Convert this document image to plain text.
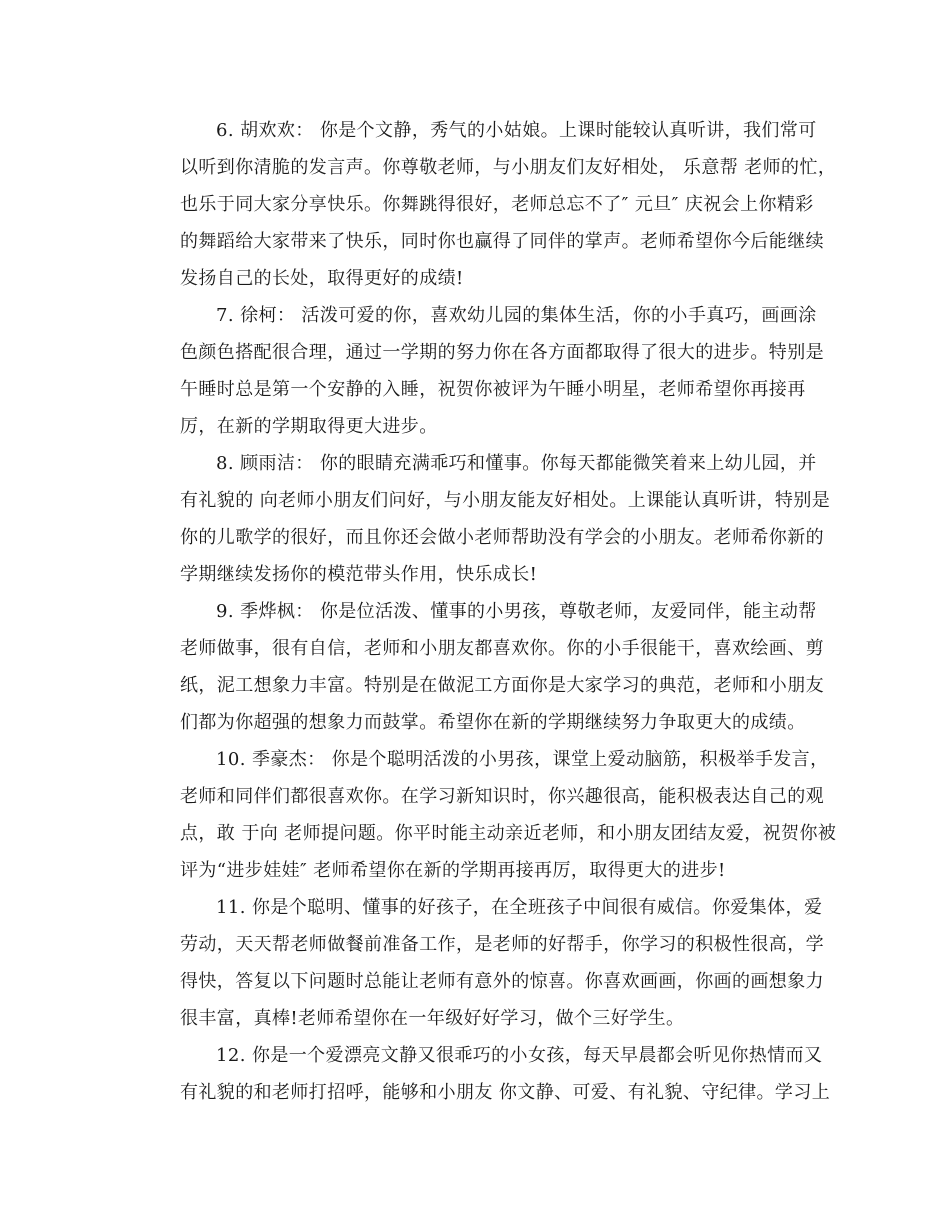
6. 胡欢欢： 你是个文静，秀气的小姑娘。上课时能较认真听讲，我们常可
以听到你清脆的发言声。你尊敬老师，与小朋友们友好相处， 乐意帮 老师的忙，
也乐于同大家分享快乐。你舞跳得很好，老师总忘不了″ 元旦″ 庆祝会上你精彩
的舞蹈给大家带来了快乐，同时你也赢得了同伴的掌声。老师希望你今后能继续
发扬自己的长处，取得更好的成绩!
7. 徐柯： 活泼可爱的你，喜欢幼儿园的集体生活，你的小手真巧，画画涂
色颜色搭配很合理，通过一学期的努力你在各方面都取得了很大的进步。特别是
午睡时总是第一个安静的入睡，祝贺你被评为午睡小明星，老师希望你再接再
厉，在新的学期取得更大进步。
8. 顾雨洁： 你的眼睛充满乖巧和懂事。你每天都能微笑着来上幼儿园，并
有礼貌的 向老师小朋友们问好，与小朋友能友好相处。上课能认真听讲，特别是
你的儿歌学的很好，而且你还会做小老师帮助没有学会的小朋友。老师希你新的
学期继续发扬你的模范带头作用，快乐成长!
9. 季烨枫： 你是位活泼、懂事的小男孩，尊敬老师，友爱同伴，能主动帮
老师做事，很有自信，老师和小朋友都喜欢你。你的小手很能干，喜欢绘画、剪
纸，泥工想象力丰富。特别是在做泥工方面你是大家学习的典范，老师和小朋友
们都为你超强的想象力而鼓掌。希望你在新的学期继续努力争取更大的成绩。
10. 季豪杰： 你是个聪明活泼的小男孩，课堂上爱动脑筋，积极举手发言，
老师和同伴们都很喜欢你。在学习新知识时，你兴趣很高，能积极表达自己的观
点，敢 于向 老师提问题。你平时能主动亲近老师，和小朋友团结友爱，祝贺你被
评为“进步娃娃″ 老师希望你在新的学期再接再厉，取得更大的进步!
11. 你是个聪明、懂事的好孩子，在全班孩子中间很有威信。你爱集体，爱
劳动，天天帮老师做餐前准备工作，是老师的好帮手，你学习的积极性很高，学
得快，答复以下问题时总能让老师有意外的惊喜。你喜欢画画，你画的画想象力
很丰富，真棒!老师希望你在一年级好好学习，做个三好学生。
12. 你是一个爱漂亮文静又很乖巧的小女孩，每天早晨都会听见你热情而又
有礼貌的和老师打招呼，能够和小朋友 你文静、可爱、有礼貌、守纪律。学习上
